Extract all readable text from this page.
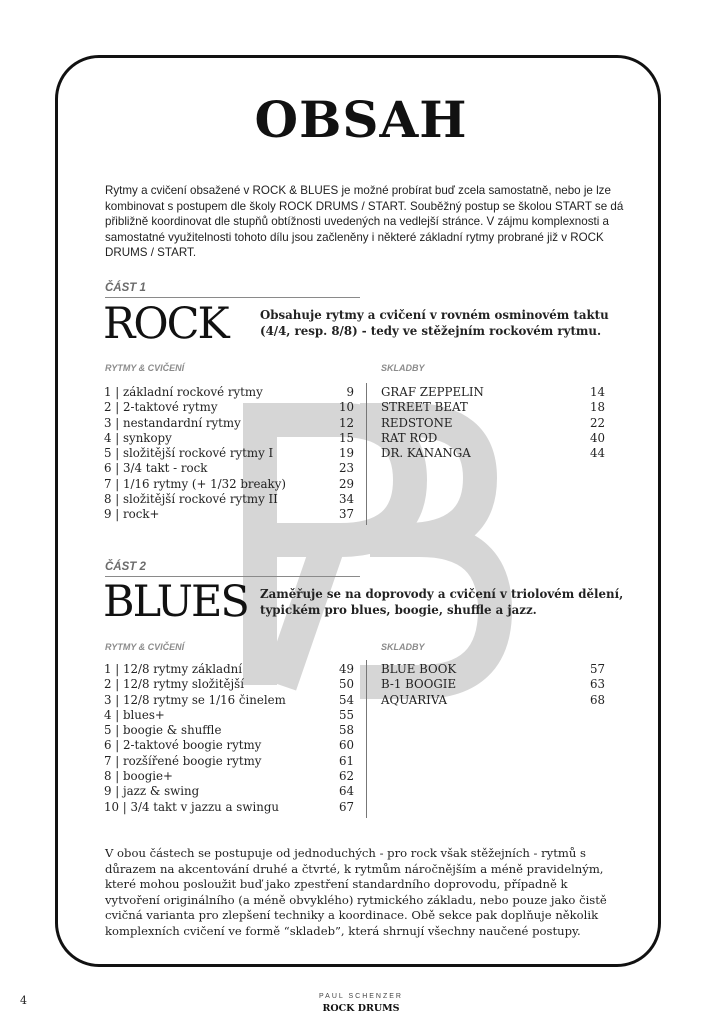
OBSAH
Rytmy a cvičení obsažené v ROCK & BLUES je možné probírat buď zcela samostatně, nebo je lze kombinovat s postupem dle školy ROCK DRUMS / START. Souběžný postup se školou START se dá přibližně koordinovat dle stupňů obtížnosti uvedených na vedlejší stránce. V zájmu komplexnosti a samostatné využitelnosti tohoto dílu jsou začleněny i některé základní rytmy probrané již v ROCK DRUMS / START.
ČÁST 1
ROCK	Obsahuje rytmy a cvičení v rovném osminovém taktu (4/4, resp. 8/8) - tedy ve stěžejním rockovém rytmu.
RYTMY & CVIČENÍ	SKLADBY
1 | základní rockové rytmy	9
2 | 2-taktové rytmy	10
3 | nestandardní rytmy	12
4 | synkopy	15
5 | složitější rockové rytmy I	19
6 | 3/4 takt - rock	23
7 | 1/16 rytmy (+ 1/32 breaky)	29
8 | složitější rockové rytmy II	34
9 | rock+	37
GRAF ZEPPELIN	14
STREET BEAT	18
REDSTONE	22
RAT ROD	40
DR. KANANGA	44
ČÁST 2
BLUES Zaměřuje se na doprovody a cvičení v triolovém dělení, typickém pro blues, boogie, shuffle a jazz.
RYTMY & CVIČENÍ	SKLADBY
1 | 12/8 rytmy základní	49
2 | 12/8 rytmy složitější	50
3 | 12/8 rytmy se 1/16 činelem	54
4 | blues+	55
5 | boogie & shuffle	58
6 | 2-taktové boogie rytmy	60
7 | rozšířené boogie rytmy	61
8 | boogie+	62
9 | jazz & swing	64
10 | 3/4 takt v jazzu a swingu	67
BLUE BOOK	57
B-1 BOOGIE	63
AQUARIVA	68
V obou částech se postupuje od jednoduchých - pro rock však stěžejních - rytmů s důrazem na akcentování druhé a čtvrté, k rytmům náročnějším a méně pravidelným, které mohou posloužit buď jako zpestření standardního doprovodu, případně k vytvoření originálního (a méně obvyklého) rytmického základu, nebo pouze jako čistě cvičná varianta pro zlepšení techniky a koordinace. Obě sekce pak doplňuje několik komplexních cvičení ve formě “skladeb”, která shrnují všechny naučené postupy.
4	PAUL SCHENZER
ROCK DRUMS
